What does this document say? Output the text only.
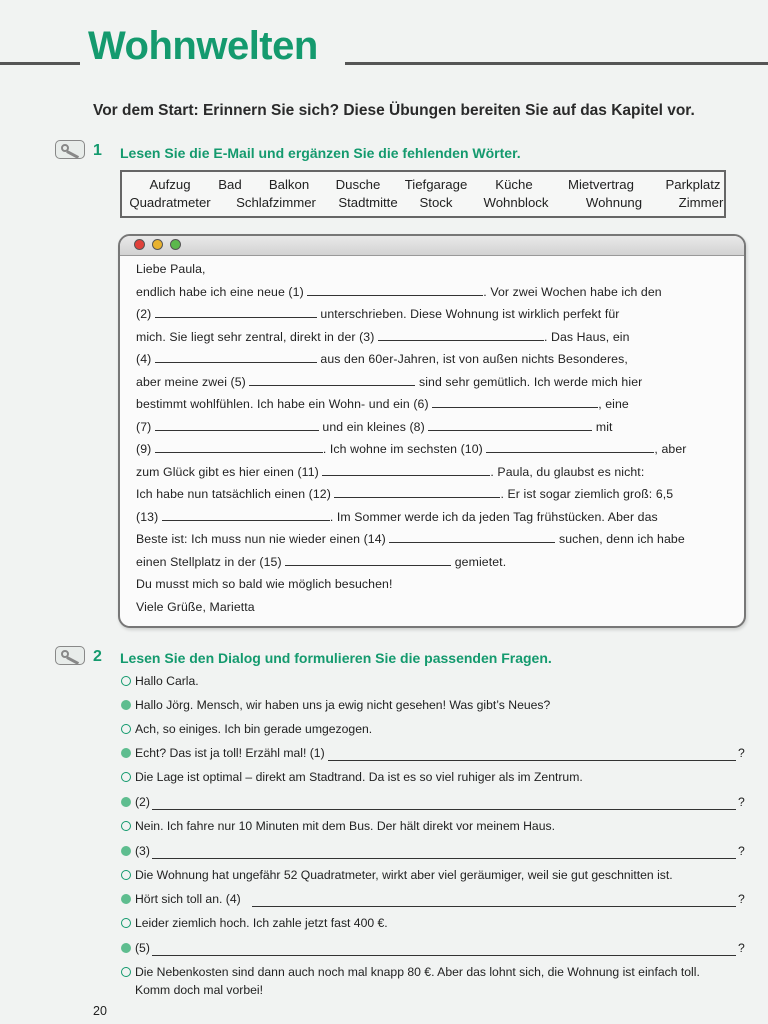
Wohnwelten
Vor dem Start: Erinnern Sie sich? Diese Übungen bereiten Sie auf das Kapitel vor.
1 Lesen Sie die E-Mail und ergänzen Sie die fehlenden Wörter.
Aufzug Bad Balkon Dusche Tiefgarage Küche	Mietvertrag Parkplatz
Quadratmeter Schlafzimmer Stadtmitte Stock Wohnblock	Wohnung	Zimmer
Liebe Paula,
endlich habe ich eine neue (1)	. Vor zwei Wochen habe ich den
(2)	unterschrieben. Diese Wohnung ist wirklich perfekt für
mich. Sie liegt sehr zentral, direkt in der (3)	. Das Haus, ein
(4)	aus den 60er-Jahren, ist von außen nichts Besonderes,
aber meine zwei (5)	sind sehr gemütlich. Ich werde mich hier
bestimmt wohlfühlen. Ich habe ein Wohn- und ein (6)	, eine
(7)	und ein kleines (8)	mit
(9)	. Ich wohne im sechsten (10)	, aber
zum Glück gibt es hier einen (11)	. Paula, du glaubst es nicht:
Ich habe nun tatsächlich einen (12)	. Er ist sogar ziemlich groß: 6,5
(13)	. Im Sommer werde ich da jeden Tag frühstücken. Aber das
Beste ist: Ich muss nun nie wieder einen (14)	suchen, denn ich habe
einen Stellplatz in der (15)	gemietet.
Du musst mich so bald wie möglich besuchen!
Viele Grüße, Marietta
2 Lesen Sie den Dialog und formulieren Sie die passenden Fragen.
Hallo Carla.
Hallo Jörg. Mensch, wir haben uns ja ewig nicht gesehen! Was gibt’s Neues?
Ach, so einiges. Ich bin gerade umgezogen.
Echt? Das ist ja toll! Erzähl mal! (1)	?
Die Lage ist optimal – direkt am Stadtrand. Da ist es so viel ruhiger als im Zentrum.
(2)	?
Nein. Ich fahre nur 10 Minuten mit dem Bus. Der hält direkt vor meinem Haus.
(3)	?
Die Wohnung hat ungefähr 52 Quadratmeter, wirkt aber viel geräumiger, weil sie gut geschnitten ist.
Hört sich toll an. (4)	?
Leider ziemlich hoch. Ich zahle jetzt fast 400 €.
(5)	?
Die Nebenkosten sind dann auch noch mal knapp 80 €. Aber das lohnt sich, die Wohnung ist einfach toll.
Komm doch mal vorbei!
20
